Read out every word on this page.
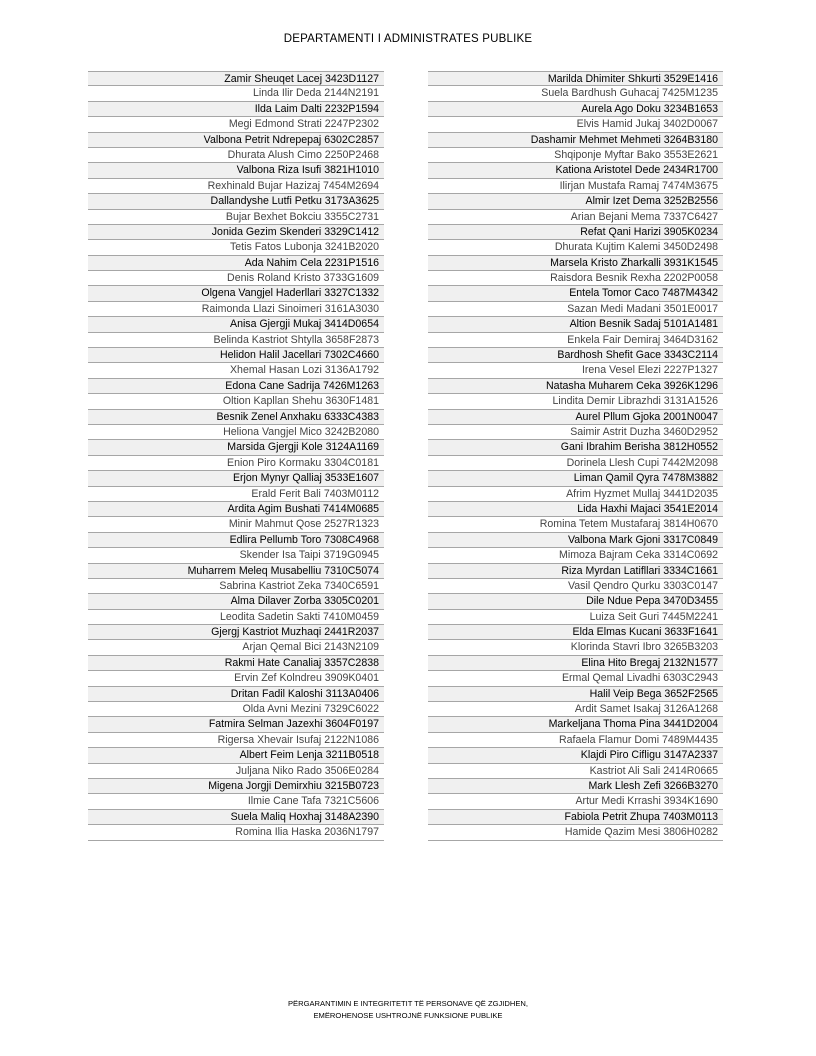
DEPARTAMENTI I ADMINISTRATES PUBLIKE
Zamir Sheuqet Lacej 3423D1127
Linda Ilir Deda 2144N2191
Ilda Laim Dalti 2232P1594
Megi Edmond Strati 2247P2302
Valbona Petrit Ndrepepaj 6302C2857
Dhurata Alush Cimo 2250P2468
Valbona Riza Isufi 3821H1010
Rexhinald Bujar Hazizaj 7454M2694
Dallandyshe Lutfi Petku 3173A3625
Bujar Bexhet Bokciu 3355C2731
Jonida Gezim Skenderi 3329C1412
Tetis Fatos Lubonja 3241B2020
Ada Nahim Cela 2231P1516
Denis Roland Kristo 3733G1609
Olgena Vangjel Haderllari 3327C1332
Raimonda Llazi Sinoimeri 3161A3030
Anisa Gjergji Mukaj 3414D0654
Belinda Kastriot Shtylla 3658F2873
Helidon Halil Jacellari 7302C4660
Xhemal Hasan Lozi 3136A1792
Edona Cane Sadrija 7426M1263
Oltion Kapllan Shehu 3630F1481
Besnik Zenel Anxhaku 6333C4383
Heliona Vangjel Mico 3242B2080
Marsida Gjergji Kole 3124A1169
Enion Piro Kormaku 3304C0181
Erjon Mynyr Qalliaj 3533E1607
Erald Ferit Bali 7403M0112
Ardita Agim Bushati 7414M0685
Minir Mahmut Qose 2527R1323
Edlira Pellumb Toro 7308C4968
Skender Isa Taipi 3719G0945
Muharrem Meleq Musabelliu 7310C5074
Sabrina Kastriot Zeka 7340C6591
Alma Dilaver Zorba 3305C0201
Leodita Sadetin Sakti 7410M0459
Gjergj Kastriot Muzhaqi 2441R2037
Arjan Qemal Bici 2143N2109
Rakmi Hate Canaliaj 3357C2838
Ervin Zef Kolndreu 3909K0401
Dritan Fadil Kaloshi 3113A0406
Olda Avni Mezini 7329C6022
Fatmira Selman Jazexhi 3604F0197
Rigersa Xhevair Isufaj 2122N1086
Albert Feim Lenja 3211B0518
Juljana Niko Rado 3506E0284
Migena Jorgji Demirxhiu 3215B0723
Ilmie Cane Tafa 7321C5606
Suela Maliq Hoxhaj 3148A2390
Romina Ilia Haska 2036N1797
Marilda Dhimiter Shkurti 3529E1416
Suela Bardhush Guhacaj 7425M1235
Aurela Ago Doku 3234B1653
Elvis Hamid Jukaj 3402D0067
Dashamir Mehmet Mehmeti 3264B3180
Shqiponje Myftar Bako 3553E2621
Kationa Aristotel Dede 2434R1700
Ilirjan Mustafa Ramaj 7474M3675
Almir Izet Dema 3252B2556
Arian Bejani Mema 7337C6427
Refat Qani Harizi 3905K0234
Dhurata Kujtim Kalemi 3450D2498
Marsela Kristo Zharkalli 3931K1545
Raisdora Besnik Rexha 2202P0058
Entela Tomor Caco 7487M4342
Sazan Medi Madani 3501E0017
Altion Besnik Sadaj 5101A1481
Enkela Fair Demiraj 3464D3162
Bardhosh Shefit Gace 3343C2114
Irena Vesel Elezi 2227P1327
Natasha Muharem Ceka 3926K1296
Lindita Demir Librazhdi 3131A1526
Aurel Pllum Gjoka 2001N0047
Saimir Astrit Duzha 3460D2952
Gani Ibrahim Berisha 3812H0552
Dorinela Llesh Cupi 7442M2098
Liman Qamil Qyra 7478M3882
Afrim Hyzmet Mullaj 3441D2035
Lida Haxhi Majaci 3541E2014
Romina Tetem Mustafaraj 3814H0670
Valbona Mark Gjoni 3317C0849
Mimoza Bajram Ceka 3314C0692
Riza Myrdan Latifllari 3334C1661
Vasil Qendro Qurku 3303C0147
Dile Ndue Pepa 3470D3455
Luiza Seit Guri 7445M2241
Elda Elmas Kucani 3633F1641
Klorinda Stavri Ibro 3265B3203
Elina Hito Bregaj 2132N1577
Ermal Qemal Livadhi 6303C2943
Halil Veip Bega 3652F2565
Ardit Samet Isakaj 3126A1268
Markeljana Thoma Pina 3441D2004
Rafaela Flamur Domi 7489M4435
Klajdi Piro Cifligu 3147A2337
Kastriot Ali Sali 2414R0665
Mark Llesh Zefi 3266B3270
Artur Medi Krrashi 3934K1690
Fabiola Petrit Zhupa 7403M0113
Hamide Qazim Mesi 3806H0282
PËRGARANTIMIN E INTEGRITETIT TË PERSONAVE QË ZGJIDHEN,
EMËROHENOSE USHTROJNË FUNKSIONE PUBLIKE
